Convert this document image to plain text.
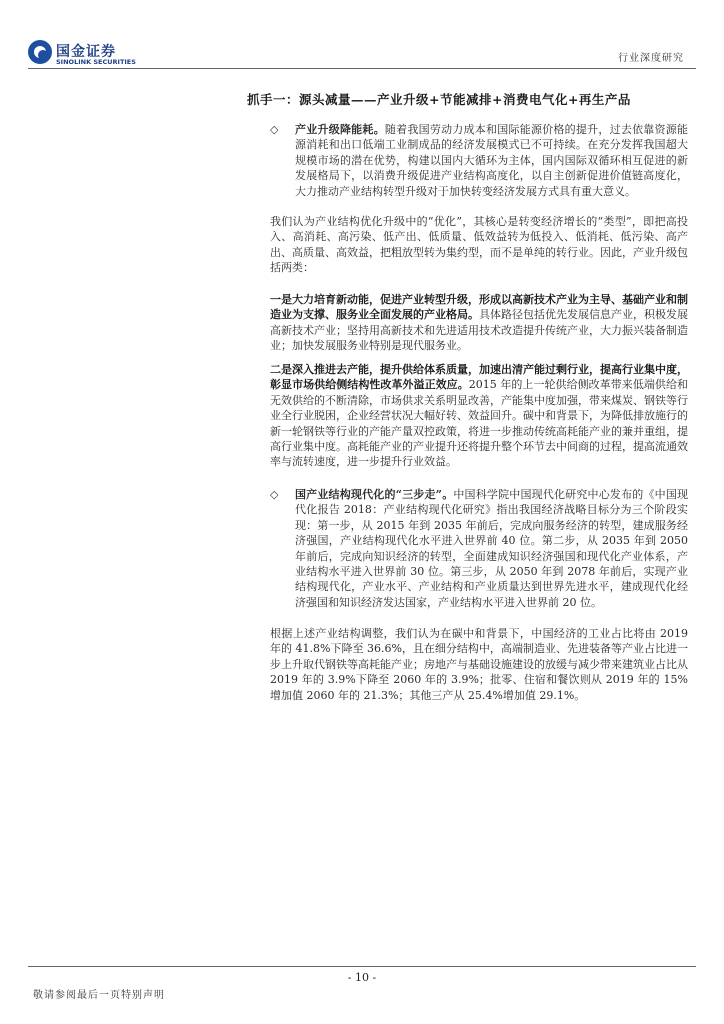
国金证券
SINOLINK SECURITIES	行业深度研究
抓手一：源头减量——产业升级+节能减排+消费电气化+再生产品
◇ 产业升级降能耗。随着我国劳动力成本和国际能源价格的提升，过去依靠资源能源消耗和出口低端工业制成品的经济发展模式已不可持续。在充分发挥我国超大规模市场的潜在优势，构建以国内大循环为主体，国内国际双循环相互促进的新发展格局下，以消费升级促进产业结构高度化，以自主创新促进价值链高度化，大力推动产业结构转型升级对于加快转变经济发展方式具有重大意义。

我们认为产业结构优化升级中的“优化”，其核心是转变经济增长的“类型”，即把高投入、高消耗、高污染、低产出、低质量、低效益转为低投入、低消耗、低污染、高产出、高质量、高效益，把粗放型转为集约型，而不是单纯的转行业。因此，产业升级包括两类：

一是大力培育新动能，促进产业转型升级，形成以高新技术产业为主导、基础产业和制造业为支撑、服务业全面发展的产业格局。具体路径包括优先发展信息产业，积极发展高新技术产业；坚持用高新技术和先进适用技术改造提升传统产业，大力振兴装备制造业；加快发展服务业特别是现代服务业。

二是深入推进去产能，提升供给体系质量，加速出清产能过剩行业，提高行业集中度，彰显市场供给侧结构性改革外溢正效应。2015 年的上一轮供给侧改革带来低端供给和无效供给的不断清除，市场供求关系明显改善，产能集中度加强，带来煤炭、钢铁等行业全行业脱困，企业经营状况大幅好转、效益回升。碳中和背景下，为降低排放施行的新一轮钢铁等行业的产能产量双控政策，将进一步推动传统高耗能产业的兼并重组，提高行业集中度。高耗能产业的产业提升还将提升整个环节去中间商的过程，提高流通效率与流转速度，进一步提升行业效益。

◇ 国产业结构现代化的“三步走”。中国科学院中国现代化研究中心发布的《中国现代化报告 2018：产业结构现代化研究》指出我国经济战略目标分为三个阶段实现：第一步，从 2015 年到 2035 年前后，完成向服务经济的转型，建成服务经济强国，产业结构现代化水平进入世界前 40 位。第二步，从 2035 年到 2050 年前后，完成向知识经济的转型，全面建成知识经济强国和现代化产业体系，产业结构水平进入世界前 30 位。第三步，从 2050 年到 2078 年前后，实现产业结构现代化，产业水平、产业结构和产业质量达到世界先进水平，建成现代化经济强国和知识经济发达国家，产业结构水平进入世界前 20 位。

根据上述产业结构调整，我们认为在碳中和背景下，中国经济的工业占比将由 2019 年的 41.8%下降至 36.6%，且在细分结构中，高端制造业、先进装备等产业占比进一步上升取代钢铁等高耗能产业；房地产与基础设施建设的放缓与减少带来建筑业占比从 2019 年的 3.9%下降至 2060 年的 3.9%；批零、住宿和餐饮则从 2019 年的 15%增加值 2060 年的 21.3%；其他三产从 25.4%增加值 29.1%。

- 10 -
敬请参阅最后一页特别声明
